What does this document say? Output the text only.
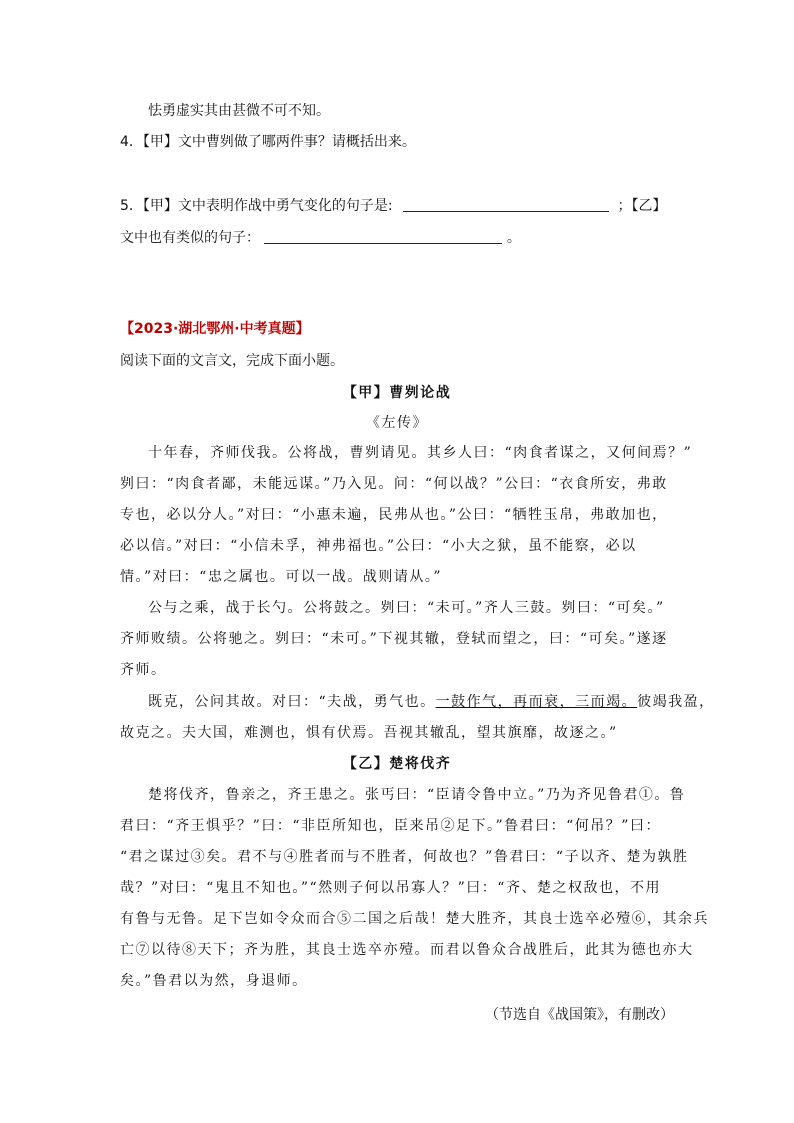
怯勇虚实其由甚微不可不知。
4．【甲】文中曹刿做了哪两件事？请概括出来。
5．【甲】文中表明作战中勇气变化的句子是:	；【乙】
文中也有类似的句子：	。
【2023·湖北鄂州·中考真题】
阅读下面的文言文，完成下面小题。
【甲】曹刿论战
《左传》
十年春，齐师伐我。公将战，曹刿请见。其乡人曰：“肉食者谋之，又何间焉？”
刿曰：“肉食者鄙，未能远谋。”乃入见。问：“何以战？”公曰：“衣食所安，弗敢
专也，必以分人。”对曰：“小惠未遍，民弗从也。”公曰：“牺牲玉帛，弗敢加也，
必以信。”对曰：“小信未孚，神弗福也。”公曰：“小大之狱，虽不能察，必以
情。”对曰：“忠之属也。可以一战。战则请从。”
公与之乘，战于长勺。公将鼓之。刿曰：“未可。”齐人三鼓。刿曰：“可矣。”
齐师败绩。公将驰之。刿曰：“未可。”下视其辙，登轼而望之，曰：“可矣。”遂逐
齐师。
既克，公问其故。对曰：“夫战，勇气也。一鼓作气，再而衰，三而竭。彼竭我盈，
故克之。夫大国，难测也，惧有伏焉。吾视其辙乱，望其旗靡，故逐之。”
【乙】楚将伐齐
楚将伐齐，鲁亲之，齐王患之。张丐曰：“臣请令鲁中立。”乃为齐见鲁君①。鲁
君曰：“齐王惧乎？”曰：“非臣所知也，臣来吊②足下。”鲁君曰：“何吊？”曰：
“君之谋过③矣。君不与④胜者而与不胜者，何故也？”鲁君曰：“子以齐、楚为孰胜
哉？”对曰：“鬼且不知也。”“然则子何以吊寡人？”曰：“齐、楚之权敌也，不用
有鲁与无鲁。足下岂如令众而合⑤二国之后哉！楚大胜齐，其良士选卒必殪⑥，其余兵
亡⑦以待⑧天下；齐为胜，其良士选卒亦殪。而君以鲁众合战胜后，此其为德也亦大
矣。”鲁君以为然，身退师。
（节选自《战国策》，有删改）
